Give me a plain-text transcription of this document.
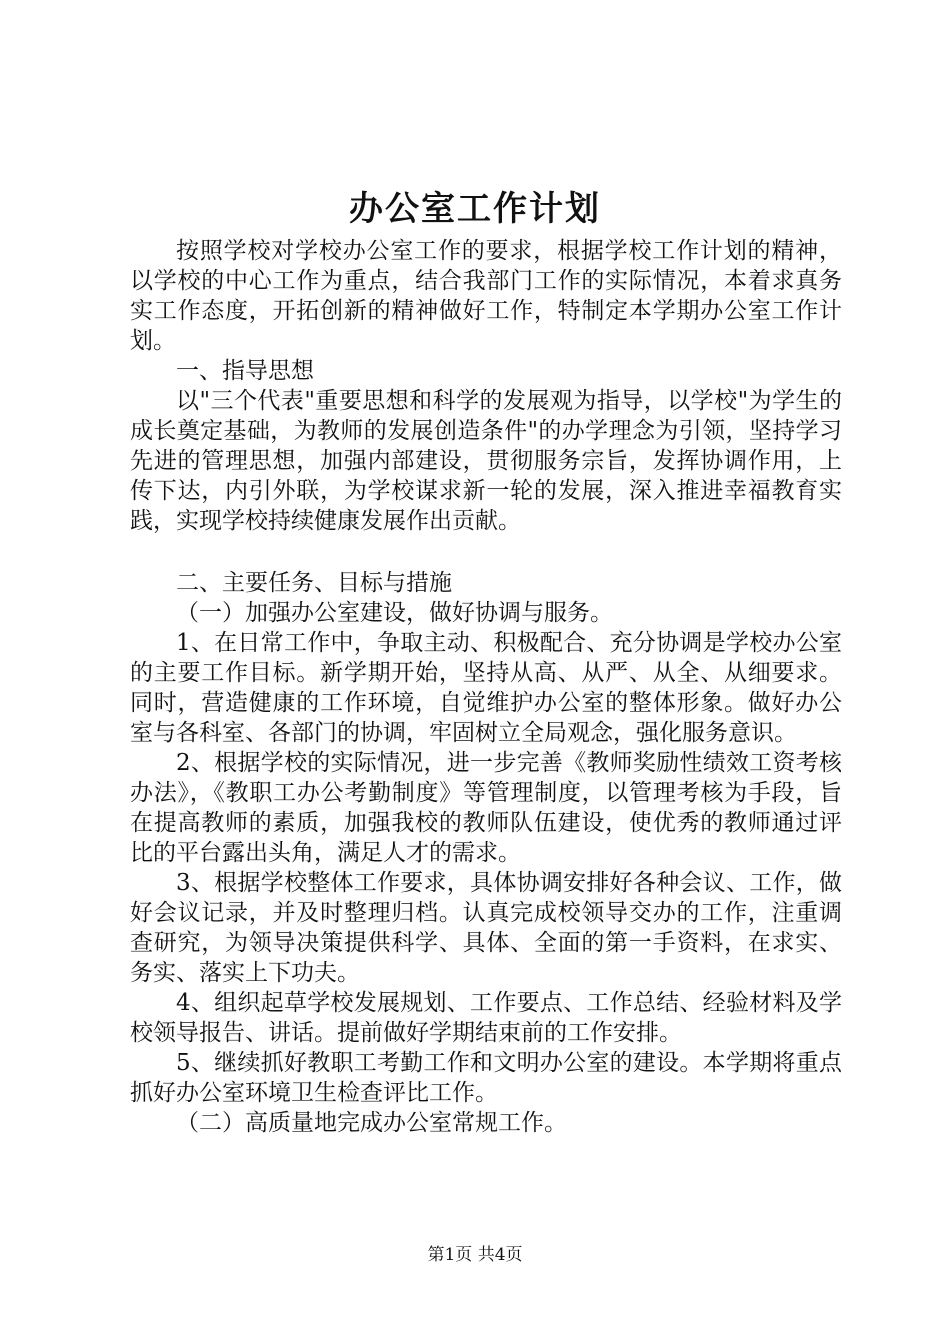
办公室工作计划

按照学校对学校办公室工作的要求，根据学校工作计划的精神，以学校的中心工作为重点，结合我部门工作的实际情况，本着求真务实工作态度，开拓创新的精神做好工作，特制定本学期办公室工作计划。

一、指导思想

以"三个代表"重要思想和科学的发展观为指导，以学校"为学生的成长奠定基础，为教师的发展创造条件"的办学理念为引领，坚持学习先进的管理思想，加强内部建设，贯彻服务宗旨，发挥协调作用，上传下达，内引外联，为学校谋求新一轮的发展，深入推进幸福教育实践，实现学校持续健康发展作出贡献。

二、主要任务、目标与措施

（一）加强办公室建设，做好协调与服务。

1、在日常工作中，争取主动、积极配合、充分协调是学校办公室的主要工作目标。新学期开始，坚持从高、从严、从全、从细要求。同时，营造健康的工作环境，自觉维护办公室的整体形象。做好办公室与各科室、各部门的协调，牢固树立全局观念，强化服务意识。

2、根据学校的实际情况，进一步完善《教师奖励性绩效工资考核办法》，《教职工办公考勤制度》等管理制度，以管理考核为手段，旨在提高教师的素质，加强我校的教师队伍建设，使优秀的教师通过评比的平台露出头角，满足人才的需求。

3、根据学校整体工作要求，具体协调安排好各种会议、工作，做好会议记录，并及时整理归档。认真完成校领导交办的工作，注重调查研究，为领导决策提供科学、具体、全面的第一手资料，在求实、务实、落实上下功夫。

4、组织起草学校发展规划、工作要点、工作总结、经验材料及学校领导报告、讲话。提前做好学期结束前的工作安排。

5、继续抓好教职工考勤工作和文明办公室的建设。本学期将重点抓好办公室环境卫生检查评比工作。

（二）高质量地完成办公室常规工作。

第1页 共4页
